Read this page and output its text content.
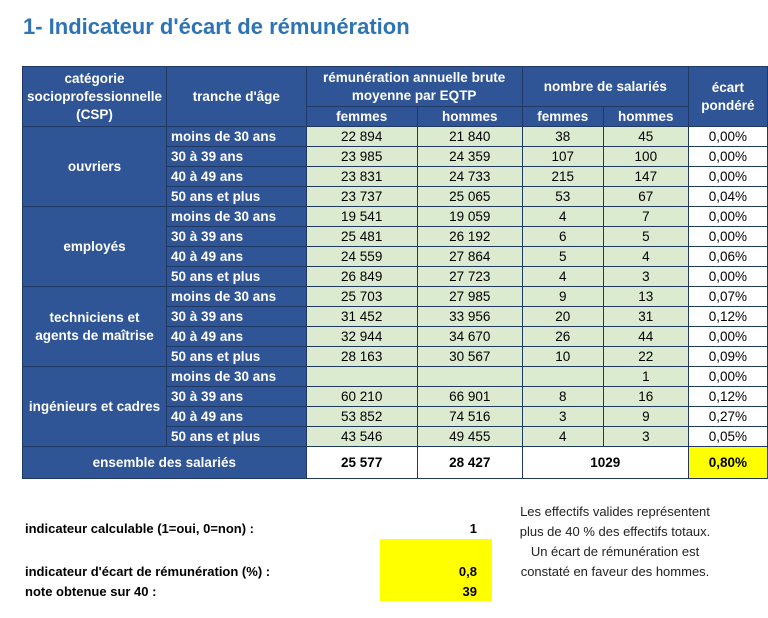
1- Indicateur d'écart de rémunération
catégorie socioprofessionnelle (CSP)	tranche d'âge	rémunération annuelle brute moyenne par EQTP		nombre de salariés		écart pondéré
		femmes	hommes	femmes	hommes	
ouvriers	moins de 30 ans	22 894	21 840	38	45	0,00%
	30 à 39 ans	23 985	24 359	107	100	0,00%
	40 à 49 ans	23 831	24 733	215	147	0,00%
	50 ans et plus	23 737	25 065	53	67	0,04%
employés	moins de 30 ans	19 541	19 059	4	7	0,00%
	30 à 39 ans	25 481	26 192	6	5	0,00%
	40 à 49 ans	24 559	27 864	5	4	0,06%
	50 ans et plus	26 849	27 723	4	3	0,00%
techniciens et agents de maîtrise	moins de 30 ans	25 703	27 985	9	13	0,07%
	30 à 39 ans	31 452	33 956	20	31	0,12%
	40 à 49 ans	32 944	34 670	26	44	0,00%
	50 ans et plus	28 163	30 567	10	22	0,09%
ingénieurs et cadres	moins de 30 ans				1	0,00%
	30 à 39 ans	60 210	66 901	8	16	0,12%
	40 à 49 ans	53 852	74 516	3	9	0,27%
	50 ans et plus	43 546	49 455	4	3	0,05%
ensemble des salariés		25 577	28 427	1029		0,80%
indicateur calculable (1=oui, 0=non) :	1
indicateur d'écart de rémunération (%) :	0,8
note obtenue sur 40 :	39
Les effectifs valides représentent
plus de 40 % des effectifs totaux.
Un écart de rémunération est
constaté en faveur des hommes.
